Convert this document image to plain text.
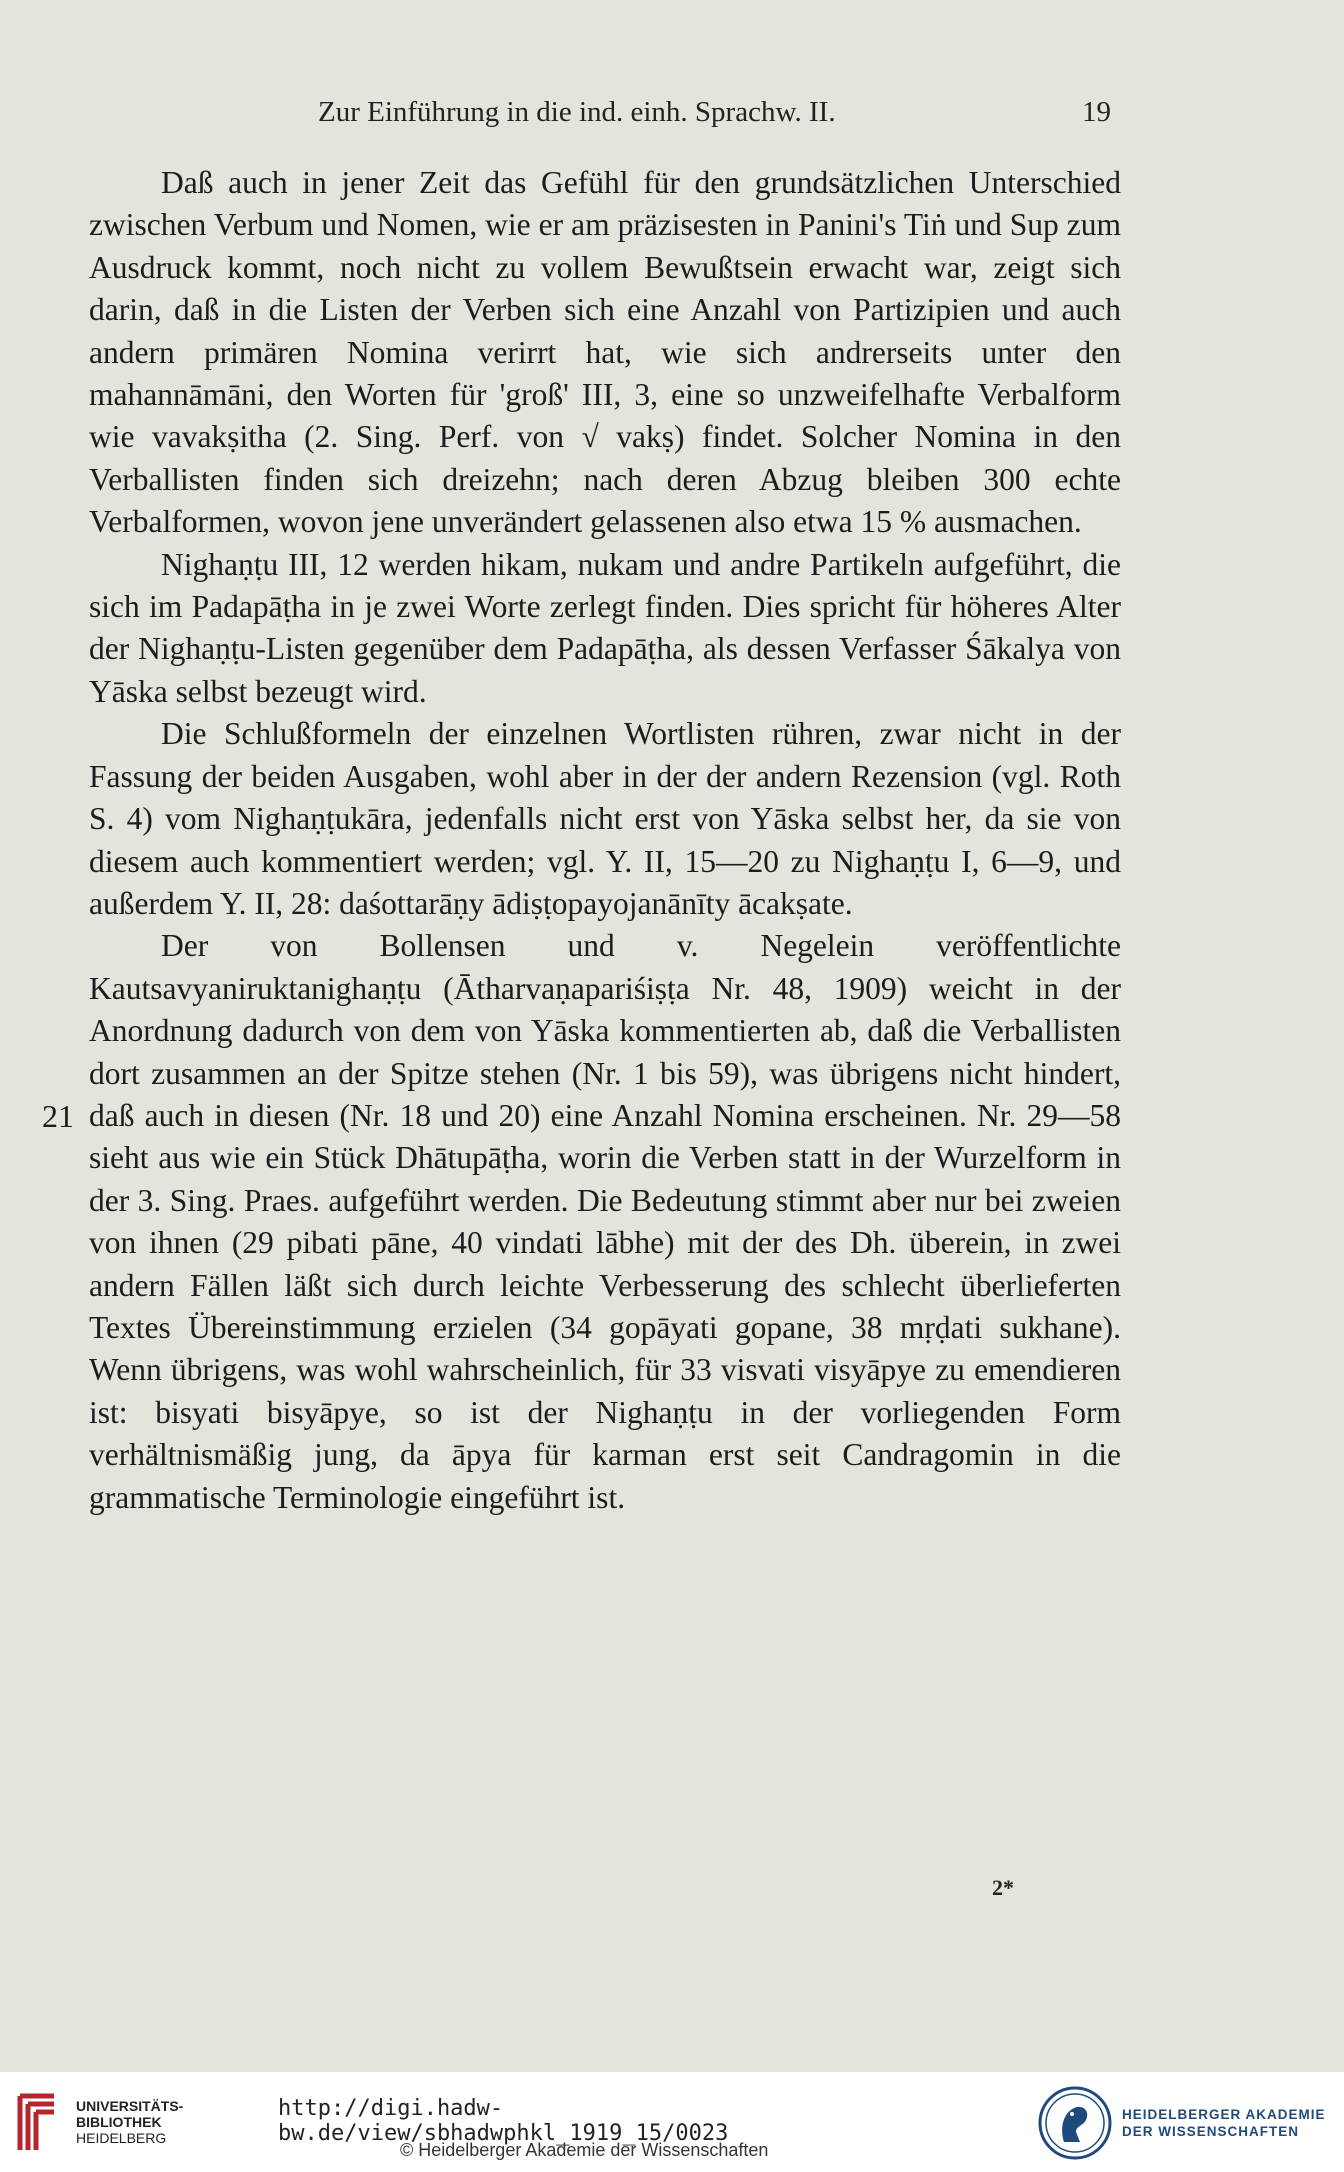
Zur Einführung in die ind. einh. Sprachw. II.	19
21

Daß auch in jener Zeit das Gefühl für den grundsätzlichen Unterschied zwischen Verbum und Nomen, wie er am präzisesten in Panini's Tiṅ und Sup zum Ausdruck kommt, noch nicht zu vollem Bewußtsein erwacht war, zeigt sich darin, daß in die Listen der Verben sich eine Anzahl von Partizipien und auch andern primären Nomina verirrt hat, wie sich andrerseits unter den mahannāmāni, den Worten für 'groß' III, 3, eine so unzweifelhafte Verbalform wie vavakṣitha (2. Sing. Perf. von √ vakṣ) findet. Solcher Nomina in den Verballisten finden sich dreizehn; nach deren Abzug bleiben 300 echte Verbalformen, wovon jene unverändert gelassenen also etwa 15 % ausmachen.

Nighaṇṭu III, 12 werden hikam, nukam und andre Partikeln aufgeführt, die sich im Padapāṭha in je zwei Worte zerlegt finden. Dies spricht für höheres Alter der Nighaṇṭu-Listen gegenüber dem Padapāṭha, als dessen Verfasser Śākalya von Yāska selbst bezeugt wird.

Die Schlußformeln der einzelnen Wortlisten rühren, zwar nicht in der Fassung der beiden Ausgaben, wohl aber in der der andern Rezension (vgl. Roth S. 4) vom Nighaṇṭukāra, jedenfalls nicht erst von Yāska selbst her, da sie von diesem auch kommentiert werden; vgl. Y. II, 15—20 zu Nighaṇṭu I, 6—9, und außerdem Y. II, 28: daśottarāṇy ādiṣṭopayojanānīty ācakṣate.

Der von Bollensen und v. Negelein veröffentlichte Kautsavyaniruktanighaṇṭu (Ātharvaṇapariśiṣṭa Nr. 48, 1909) weicht in der Anordnung dadurch von dem von Yāska kommentierten ab, daß die Verballisten dort zusammen an der Spitze stehen (Nr. 1 bis 59), was übrigens nicht hindert, daß auch in diesen (Nr. 18 und 20) eine Anzahl Nomina erscheinen. Nr. 29—58 sieht aus wie ein Stück Dhātupāṭha, worin die Verben statt in der Wurzelform in der 3. Sing. Praes. aufgeführt werden. Die Bedeutung stimmt aber nur bei zweien von ihnen (29 pibati pāne, 40 vindati lābhe) mit der des Dh. überein, in zwei andern Fällen läßt sich durch leichte Verbesserung des schlecht überlieferten Textes Übereinstimmung erzielen (34 gopāyati gopane, 38 mṛḍati sukhane). Wenn übrigens, was wohl wahrscheinlich, für 33 visvati visyāpye zu emendieren ist: bisyati bisyāpye, so ist der Nighaṇṭu in der vorliegenden Form verhältnismäßig jung, da āpya für karman erst seit Candragomin in die grammatische Terminologie eingeführt ist.

2*
UNIVERSITÄTS-
BIBLIOTHEK
HEIDELBERG
http://digi.hadw-bw.de/view/sbhadwphkl_1919_15/0023
© Heidelberger Akademie der Wissenschaften
HEIDELBERGER AKADEMIE
DER WISSENSCHAFTEN
